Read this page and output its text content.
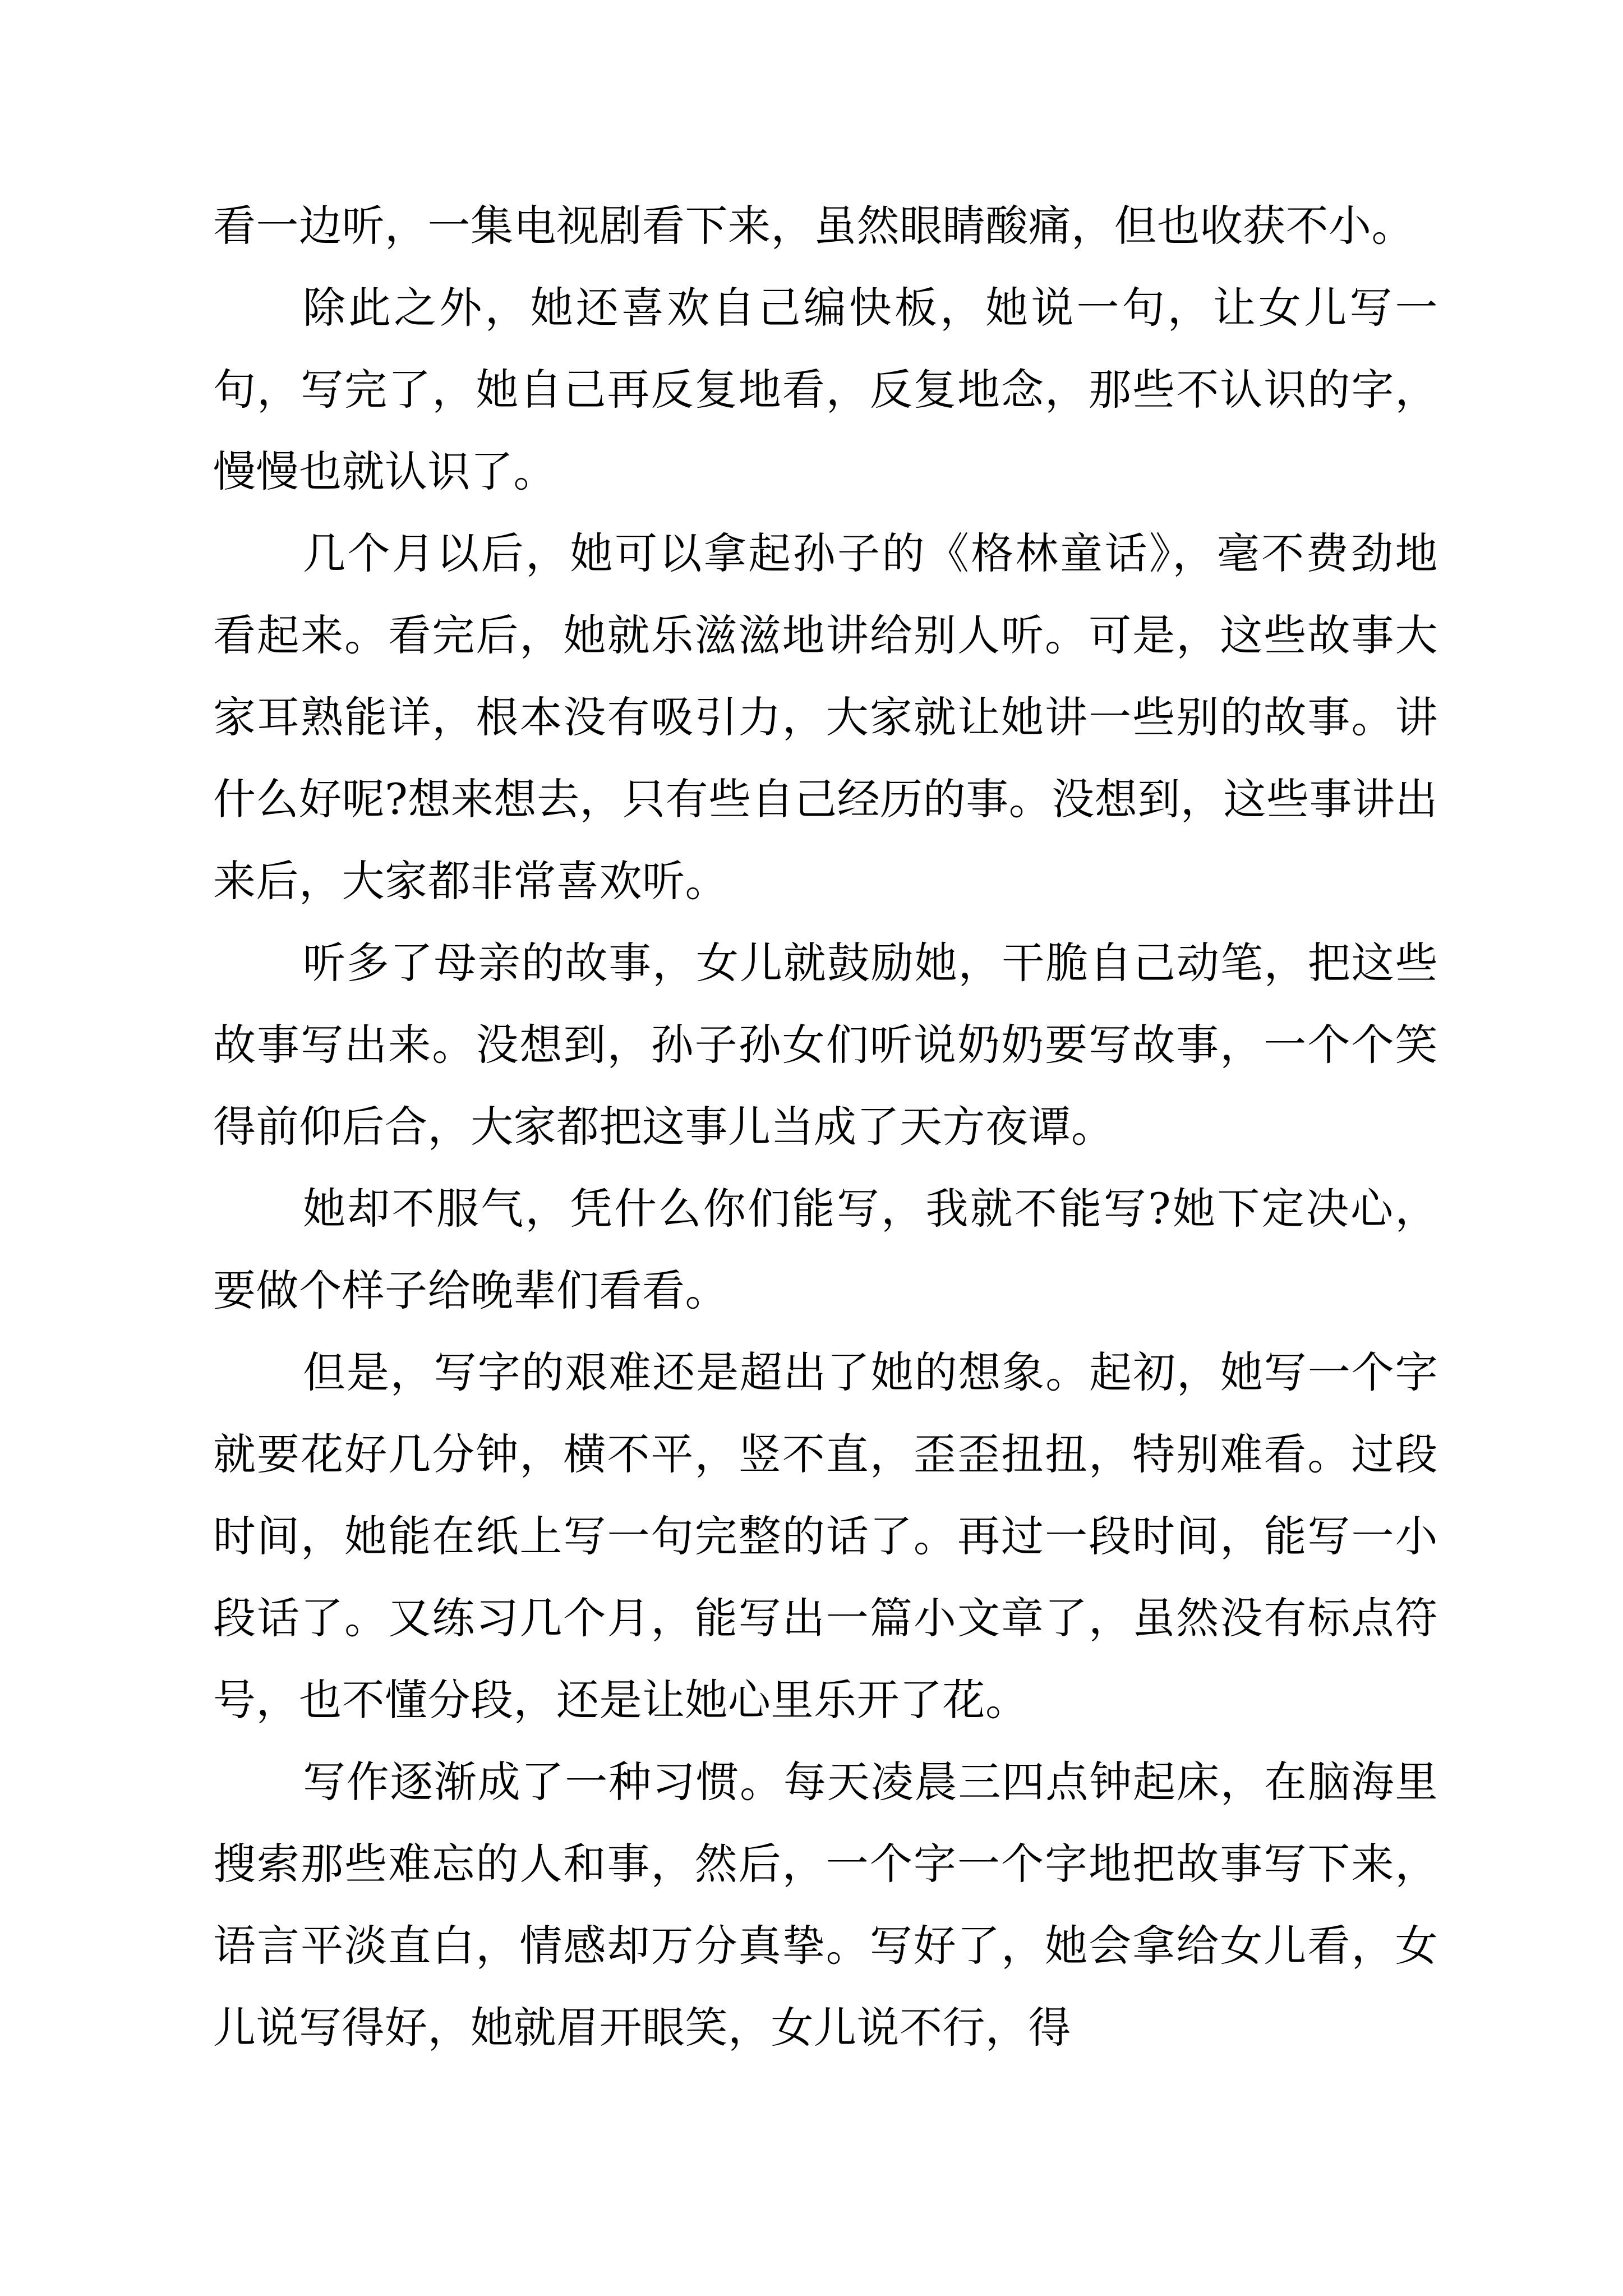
看一边听，一集电视剧看下来，虽然眼睛酸痛，但也收获不小。

除此之外，她还喜欢自己编快板，她说一句，让女儿写一句，写完了，她自己再反复地看，反复地念，那些不认识的字，慢慢也就认识了。

几个月以后，她可以拿起孙子的《格林童话》，毫不费劲地看起来。看完后，她就乐滋滋地讲给别人听。可是，这些故事大家耳熟能详，根本没有吸引力，大家就让她讲一些别的故事。讲什么好呢?想来想去，只有些自己经历的事。没想到，这些事讲出来后，大家都非常喜欢听。

听多了母亲的故事，女儿就鼓励她，干脆自己动笔，把这些故事写出来。没想到，孙子孙女们听说奶奶要写故事，一个个笑得前仰后合，大家都把这事儿当成了天方夜谭。

她却不服气，凭什么你们能写，我就不能写?她下定决心，要做个样子给晚辈们看看。

但是，写字的艰难还是超出了她的想象。起初，她写一个字就要花好几分钟，横不平，竖不直，歪歪扭扭，特别难看。过段时间，她能在纸上写一句完整的话了。再过一段时间，能写一小段话了。又练习几个月，能写出一篇小文章了，虽然没有标点符号，也不懂分段，还是让她心里乐开了花。

写作逐渐成了一种习惯。每天凌晨三四点钟起床，在脑海里搜索那些难忘的人和事，然后，一个字一个字地把故事写下来，语言平淡直白，情感却万分真挚。写好了，她会拿给女儿看，女儿说写得好，她就眉开眼笑，女儿说不行，得
